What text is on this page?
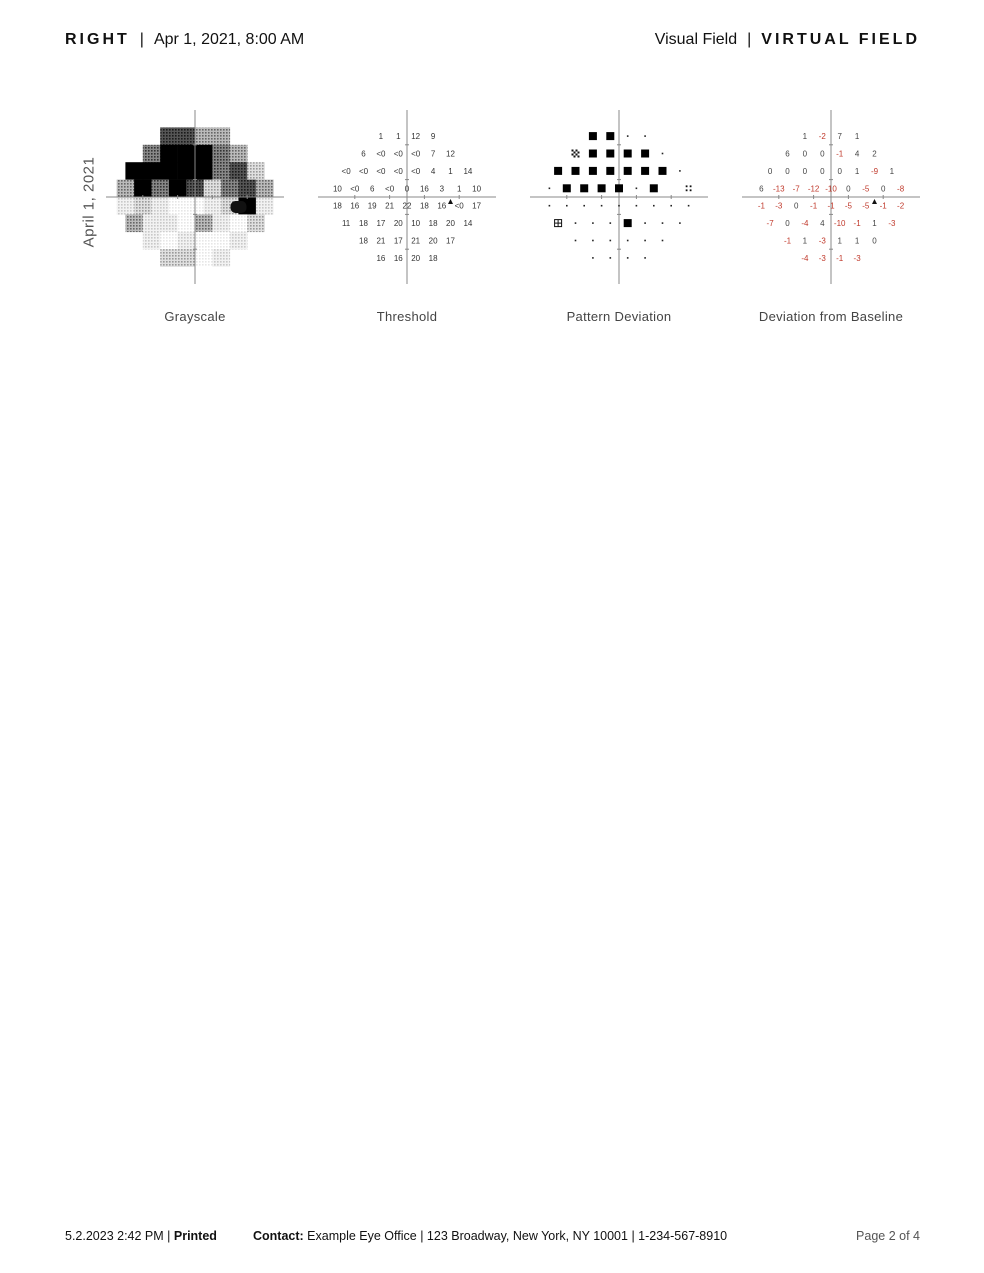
RIGHT | Apr 1, 2021, 8:00 AM	Visual Field | VIRTUAL FIELD
April 1, 2021
1 1 12 9
6 <0 <0 <0 7 12
<0 <0 <0 <0 <0 4 1 14
10 <0 6 <0 0 16 3 1 10
18 16 19 21 22 18 16 <0 17
11 18 17 20 10 18 20 14
18 21 17 21 20 17
16 16 20 18
1 -2 7 1
6 0 0 -1 4 2
0 0 0 0 0 1 -9 1
6 -13 -7 -12 -10 0 -5 0 -8
-1 -3 0 -1 -1 -5 -5 -1 -2
-7 0 -4 4 -10 -1 1 -3
-1 1 -3 1 1 0
-4 -3 -1 -3
Grayscale	Threshold	Pattern Deviation	Deviation from Baseline
5.2.2023 2:42 PM | Printed	Contact: Example Eye Office | 123 Broadway, New York, NY 10001 | 1-234-567-8910	Page 2 of 4
